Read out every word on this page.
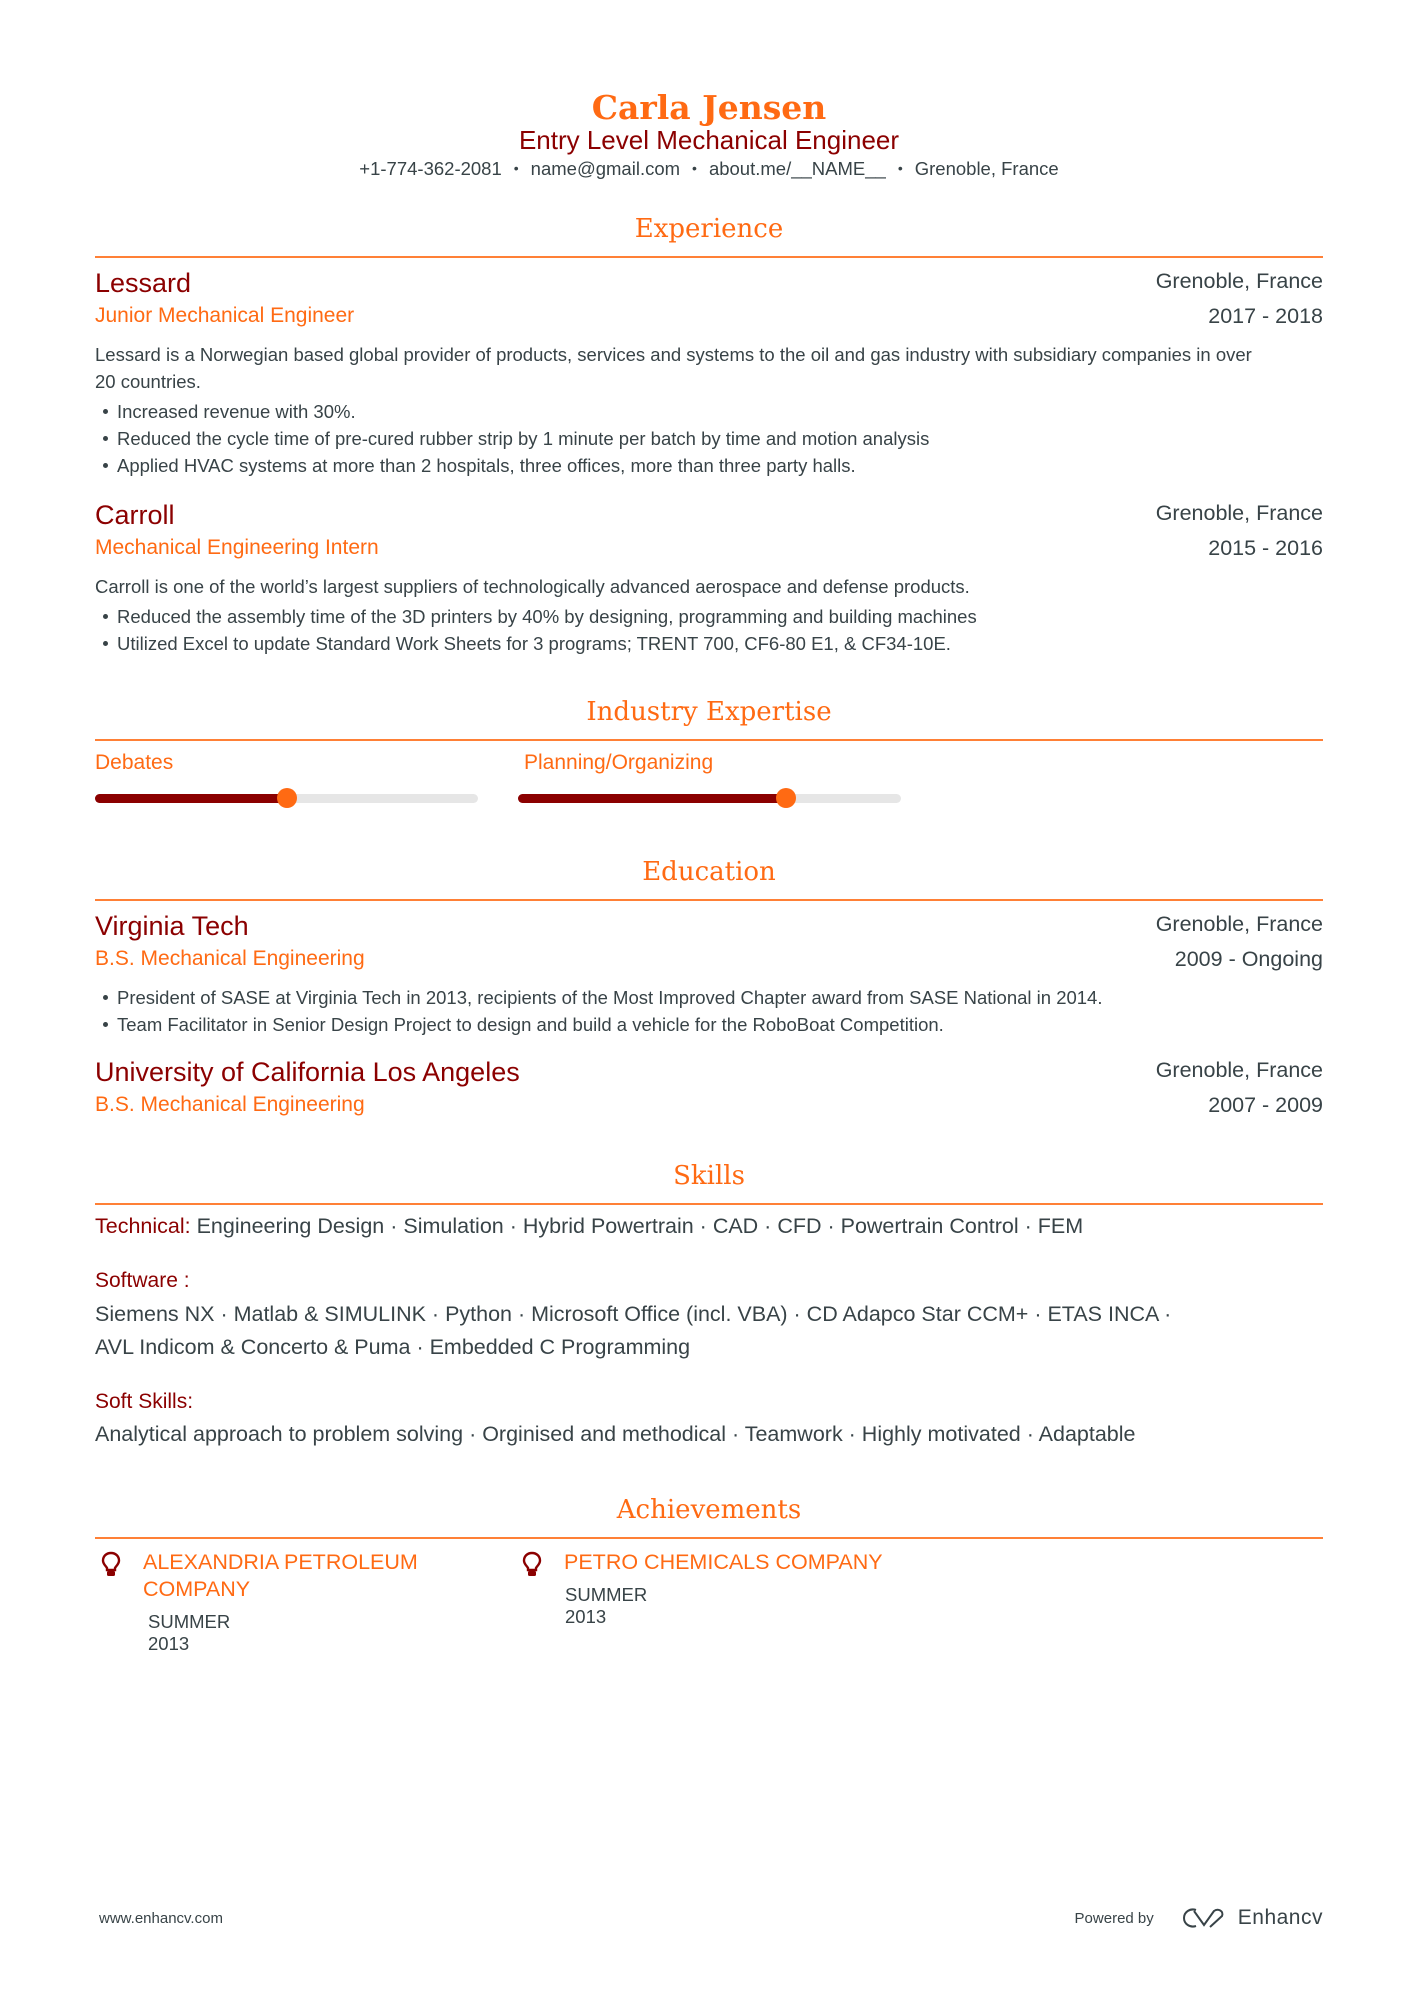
Carla Jensen
Entry Level Mechanical Engineer
+1-774-362-2081 • name@gmail.com • about.me/__NAME__ • Grenoble, France
Experience
Lessard	Grenoble, France
Junior Mechanical Engineer	2017 - 2018
Lessard is a Norwegian based global provider of products, services and systems to the oil and gas industry with subsidiary companies in over 20 countries.
Increased revenue with 30%.
Reduced the cycle time of pre-cured rubber strip by 1 minute per batch by time and motion analysis
Applied HVAC systems at more than 2 hospitals, three offices, more than three party halls.
Carroll	Grenoble, France
Mechanical Engineering Intern	2015 - 2016
Carroll is one of the world’s largest suppliers of technologically advanced aerospace and defense products.
Reduced the assembly time of the 3D printers by 40% by designing, programming and building machines
Utilized Excel to update Standard Work Sheets for 3 programs; TRENT 700, CF6-80 E1, & CF34-10E.
Industry Expertise
Debates	Planning/Organizing
Education
Virginia Tech	Grenoble, France
B.S. Mechanical Engineering	2009 - Ongoing
President of SASE at Virginia Tech in 2013, recipients of the Most Improved Chapter award from SASE National in 2014.
Team Facilitator in Senior Design Project to design and build a vehicle for the RoboBoat Competition.
University of California Los Angeles	Grenoble, France
B.S. Mechanical Engineering	2007 - 2009
Skills
Technical: Engineering Design · Simulation · Hybrid Powertrain · CAD · CFD · Powertrain Control · FEM
Software :
Siemens NX · Matlab & SIMULINK · Python · Microsoft Office (incl. VBA) · CD Adapco Star CCM+ · ETAS INCA ·
AVL Indicom & Concerto & Puma · Embedded C Programming
Soft Skills:
Analytical approach to problem solving · Orginised and methodical · Teamwork · Highly motivated · Adaptable
Achievements
ALEXANDRIA PETROLEUM COMPANY
SUMMER 2013
PETRO CHEMICALS COMPANY
SUMMER 2013
www.enhancv.com	Powered by	Enhancv
